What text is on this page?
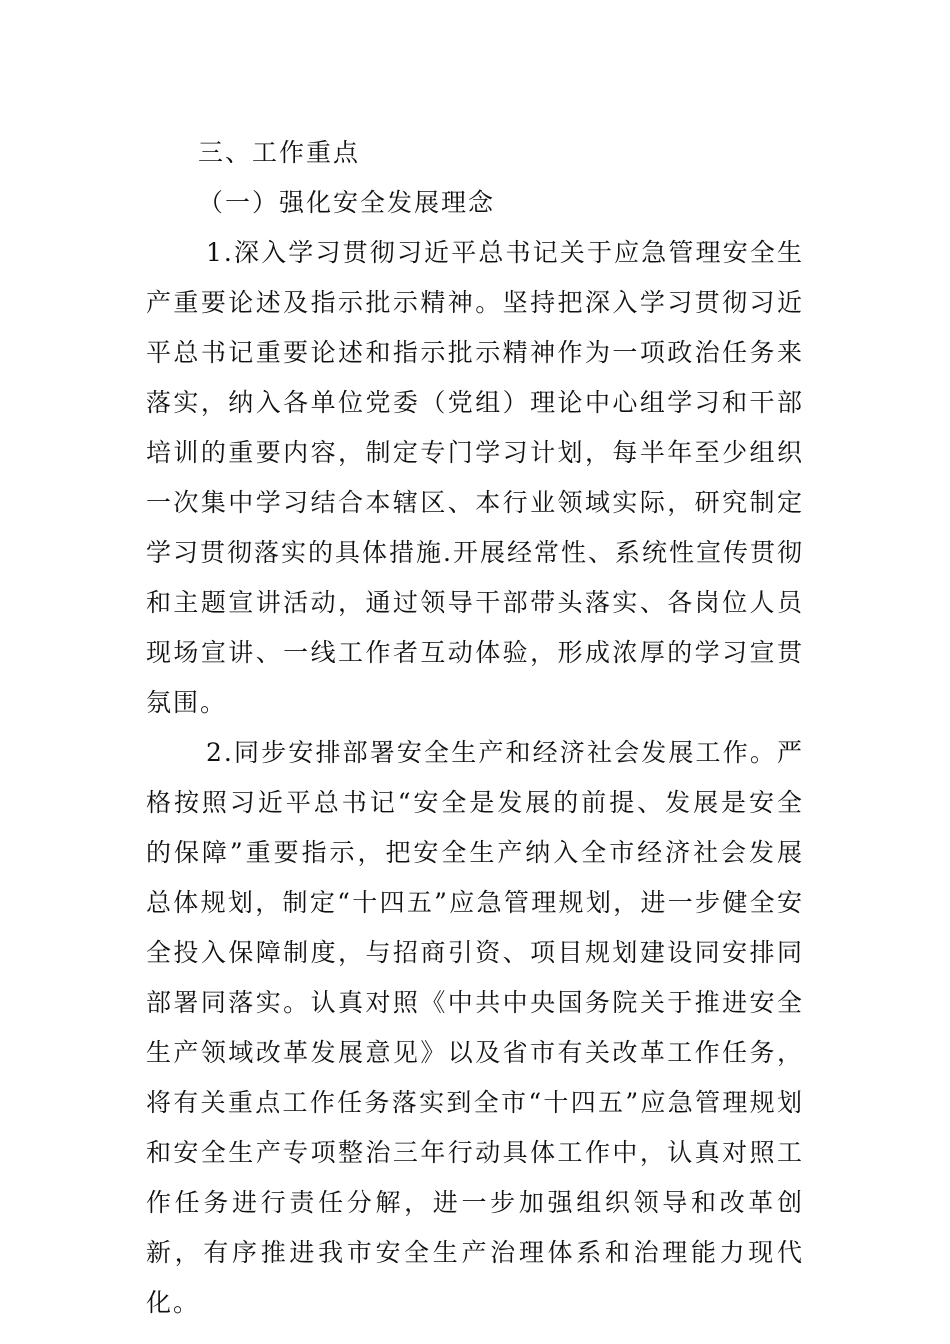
三、工作重点
（一）强化安全发展理念

1.深入学习贯彻习近平总书记关于应急管理安全生产重要论述及指示批示精神。坚持把深入学习贯彻习近平总书记重要论述和指示批示精神作为一项政治任务来落实，纳入各单位党委（党组）理论中心组学习和干部培训的重要内容，制定专门学习计划，每半年至少组织一次集中学习结合本辖区、本行业领域实际，研究制定学习贯彻落实的具体措施.开展经常性、系统性宣传贯彻和主题宣讲活动，通过领导干部带头落实、各岗位人员现场宣讲、一线工作者互动体验，形成浓厚的学习宣贯氛围。

2.同步安排部署安全生产和经济社会发展工作。严格按照习近平总书记“安全是发展的前提、发展是安全的保障”重要指示，把安全生产纳入全市经济社会发展总体规划，制定“十四五”应急管理规划，进一步健全安全投入保障制度，与招商引资、项目规划建设同安排同部署同落实。认真对照《中共中央国务院关于推进安全生产领域改革发展意见》以及省市有关改革工作任务，将有关重点工作任务落实到全市“十四五”应急管理规划和安全生产专项整治三年行动具体工作中，认真对照工作任务进行责任分解，进一步加强组织领导和改革创新，有序推进我市安全生产治理体系和治理能力现代化。
